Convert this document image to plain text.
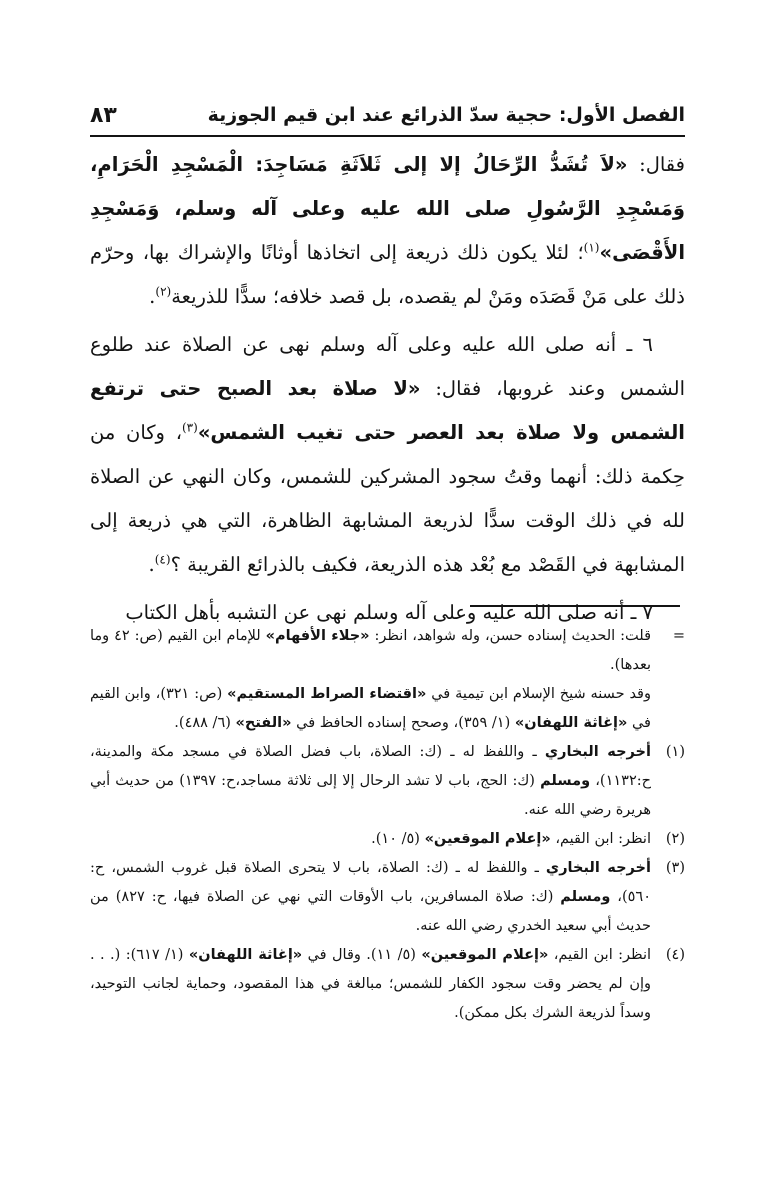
الفصل الأول: حجية سدّ الذرائع عند ابن قيم الجوزية
٨٣

فقال: «لاَ تُشَدُّ الرِّحَالُ إلا إلى ثَلاَثَةِ مَسَاجِدَ: الْمَسْجِدِ الْحَرَامِ، وَمَسْجِدِ الرَّسُولِ صلى الله عليه وعلى آله وسلم، وَمَسْجِدِ الأَقْصَى»$^{(١)}$؛ لئلا يكون ذلك ذريعة إلى اتخاذها أوثانًا والإشراك بها، وحرّم ذلك على مَنْ قَصَدَه ومَنْ لم يقصده، بل قصد خلافه؛ سدًّا للذريعة$^{(٢)}$.

٦ ـ أنه صلى الله عليه وعلى آله وسلم نهى عن الصلاة عند طلوع الشمس وعند غروبها، فقال: «لا صلاة بعد الصبح حتى ترتفع الشمس ولا صلاة بعد العصر حتى تغيب الشمس»$^{(٣)}$، وكان من حِكمة ذلك: أنهما وقتُ سجود المشركين للشمس، وكان النهي عن الصلاة لله في ذلك الوقت سدًّا لذريعة المشابهة الظاهرة، التي هي ذريعة إلى المشابهة في القَصْد مع بُعْد هذه الذريعة، فكيف بالذرائع القريبة ؟$^{(٤)}$.

٧ ـ أنه صلى الله عليه وعلى آله وسلم نهى عن التشبه بأهل الكتاب

=
قلت: الحديث إسناده حسن، وله شواهد، انظر: «جلاء الأفهام» للإمام ابن القيم (ص: ٤٢ وما بعدها).
وقد حسنه شيخ الإسلام ابن تيمية في «اقتضاء الصراط المستقيم» (ص: ٣٢١)، وابن القيم في «إغاثة اللهفان» (١/ ٣٥٩)، وصحح إسناده الحافظ في «الفتح» (٦/ ٤٨٨).
(١)
أخرجه البخاري ـ واللفظ له ـ (ك: الصلاة، باب فضل الصلاة في مسجد مكة والمدينة، ح:١١٣٢)، ومسلم (ك: الحج، باب لا تشد الرحال إلا إلى ثلاثة مساجد،ح: ١٣٩٧) من حديث أبي هريرة رضي الله عنه.
(٢)
انظر: ابن القيم، «إعلام الموقعين» (٥/ ١٠).
(٣)
أخرجه البخاري ـ واللفظ له ـ (ك: الصلاة، باب لا يتحرى الصلاة قبل غروب الشمس، ح: ٥٦٠)، ومسلم (ك: صلاة المسافرين، باب الأوقات التي نهي عن الصلاة فيها، ح: ٨٢٧) من حديث أبي سعيد الخدري رضي الله عنه.
(٤)
انظر: ابن القيم، «إعلام الموقعين» (٥/ ١١). وقال في «إغاثة اللهفان» (١/ ٦١٧): (. . . وإن لم يحضر وقت سجود الكفار للشمس؛ مبالغة في هذا المقصود، وحماية لجانب التوحيد، وسداً لذريعة الشرك بكل ممكن).
